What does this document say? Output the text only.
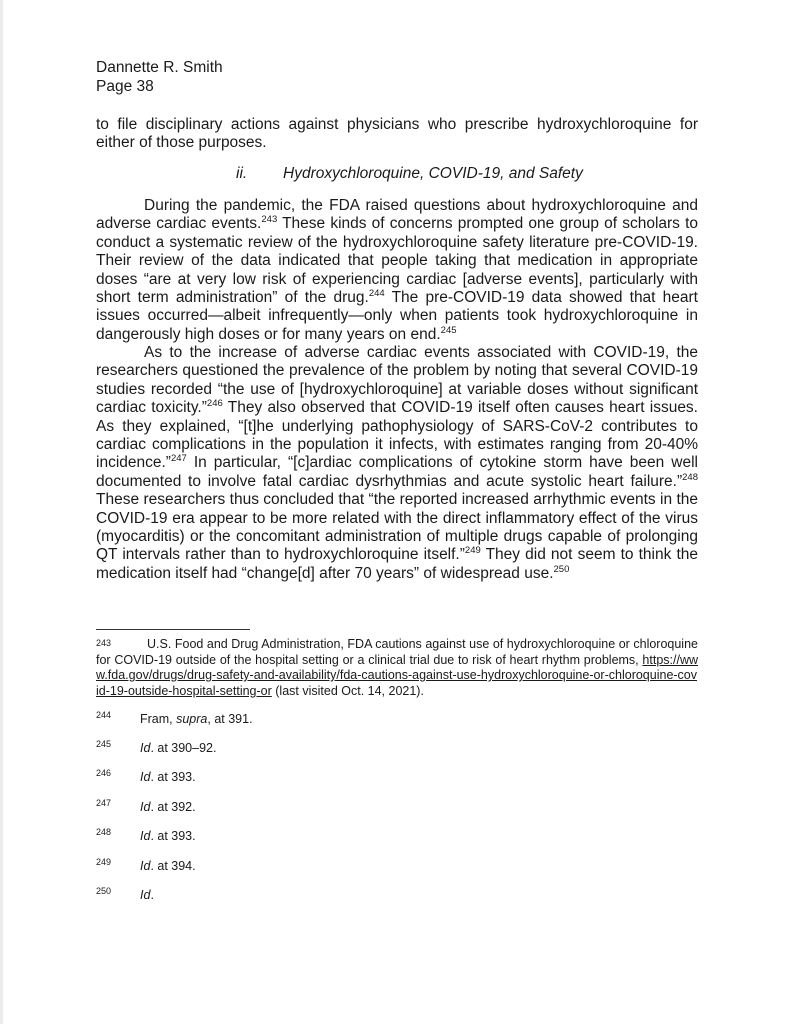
Dannette R. Smith
Page 38

to file disciplinary actions against physicians who prescribe hydroxychloroquine for either of those purposes.

ii. Hydroxychloroquine, COVID-19, and Safety

During the pandemic, the FDA raised questions about hydroxychloroquine and adverse cardiac events.$^{243}$ These kinds of concerns prompted one group of scholars to conduct a systematic review of the hydroxychloroquine safety literature pre-COVID-19. Their review of the data indicated that people taking that medication in appropriate doses “are at very low risk of experiencing cardiac [adverse events], particularly with short term administration” of the drug.$^{244}$ The pre-COVID-19 data showed that heart issues occurred—albeit infrequently—only when patients took hydroxychloroquine in dangerously high doses or for many years on end.$^{245}$

As to the increase of adverse cardiac events associated with COVID-19, the researchers questioned the prevalence of the problem by noting that several COVID-19 studies recorded “the use of [hydroxychloroquine] at variable doses without significant cardiac toxicity.”$^{246}$ They also observed that COVID-19 itself often causes heart issues. As they explained, “[t]he underlying pathophysiology of SARS-CoV-2 contributes to cardiac complications in the population it infects, with estimates ranging from 20-40% incidence.”$^{247}$ In particular, “[c]ardiac complications of cytokine storm have been well documented to involve fatal cardiac dysrhythmias and acute systolic heart failure.”$^{248}$ These researchers thus concluded that “the reported increased arrhythmic events in the COVID-19 era appear to be more related with the direct inflammatory effect of the virus (myocarditis) or the concomitant administration of multiple drugs capable of prolonging QT intervals rather than to hydroxychloroquine itself.”$^{249}$ They did not seem to think the medication itself had “change[d] after 70 years” of widespread use.$^{250}$

$^{243}$	U.S. Food and Drug Administration, FDA cautions against use of hydroxychloroquine or chloroquine for COVID-19 outside of the hospital setting or a clinical trial due to risk of heart rhythm problems, https://www.fda.gov/drugs/drug-safety-and-availability/fda-cautions-against-use-hydroxychloroquine-or-chloroquine-covid-19-outside-hospital-setting-or (last visited Oct. 14, 2021).
244 Fram, supra, at 391.
245 Id. at 390–92.
246 Id. at 393.
247 Id. at 392.
248 Id. at 393.
249 Id. at 394.
250 Id.
